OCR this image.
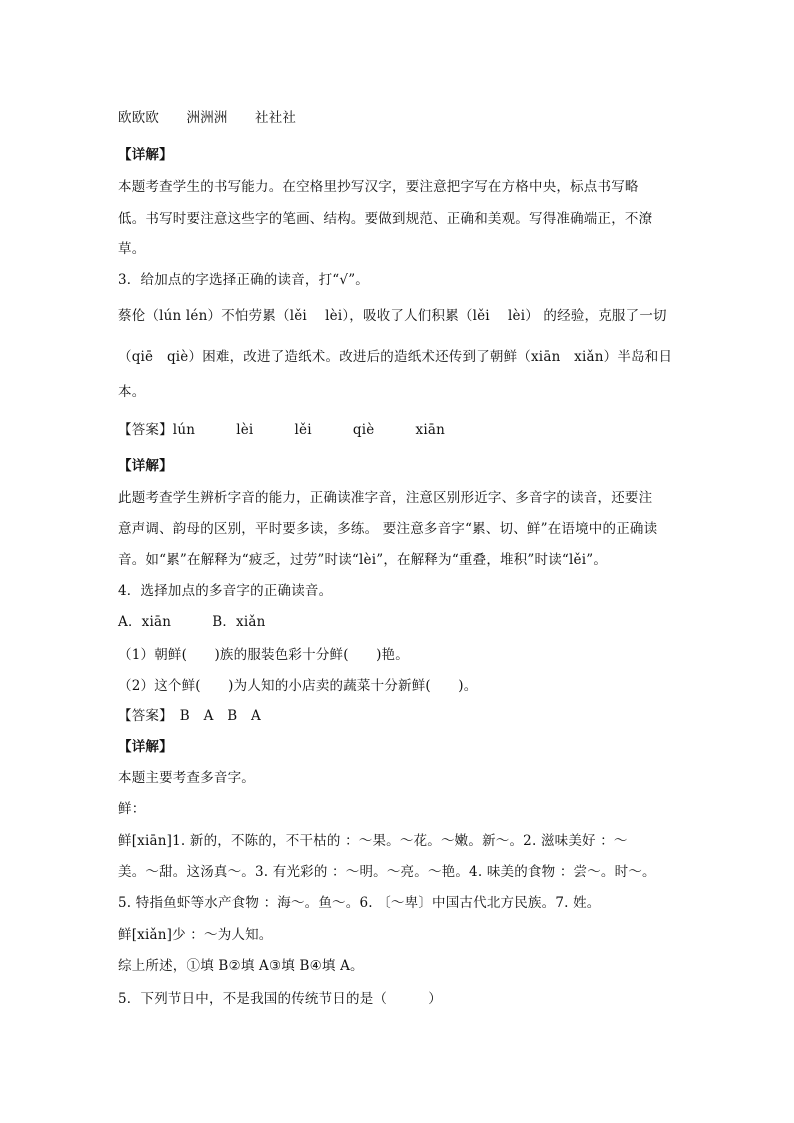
欧欧欧　　洲洲洲　　社社社
【详解】
本题考查学生的书写能力。在空格里抄写汉字，要注意把字写在方格中央，标点书写略
低。书写时要注意这些字的笔画、结构。要做到规范、正确和美观。写得准确端正，不潦
草。
3．给加点的字选择正确的读音，打“√”。
蔡伦（lún lén）不怕劳累（lěi　 lèi），吸收了人们积累（lěi　 lèi） 的经验，克服了一切
（qiē　qiè）困难，改进了造纸术。改进后的造纸术还传到了朝鲜（xiān　xiǎn）半岛和日
本。
【答案】lún　　　lèi　　　lěi　　　qiè　　　xiān
【详解】
此题考查学生辨析字音的能力，正确读准字音，注意区别形近字、多音字的读音，还要注
意声调、韵母的区别，平时要多读，多练。 要注意多音字“累、切、鲜”在语境中的正确读
音。如“累”在解释为“疲乏，过劳”时读“lèi”，在解释为“重叠，堆积”时读“lěi”。
4．选择加点的多音字的正确读音。
A．xiān　　　B．xiǎn
（1）朝鲜(　　)族的服装色彩十分鲜(　　)艳。
（2）这个鲜(　　)为人知的小店卖的蔬菜十分新鲜(　　)。
【答案】　B　A　B　A
【详解】
本题主要考查多音字。
鲜：
鲜[xiān]1. 新的，不陈的，不干枯的 ：～果。～花。～嫩。新～。2. 滋味美好 ：～
美。～甜。这汤真～。3. 有光彩的 ：～明。～亮。～艳。4. 味美的食物 ：尝～。时～。
5. 特指鱼虾等水产食物 ：海～。鱼～。6. 〔～卑〕中国古代北方民族。7. 姓。
鲜[xiǎn]少 ：～为人知。
综上所述，①填 B②填 A③填 B④填 A。
5．下列节日中，不是我国的传统节日的是（　　　）
